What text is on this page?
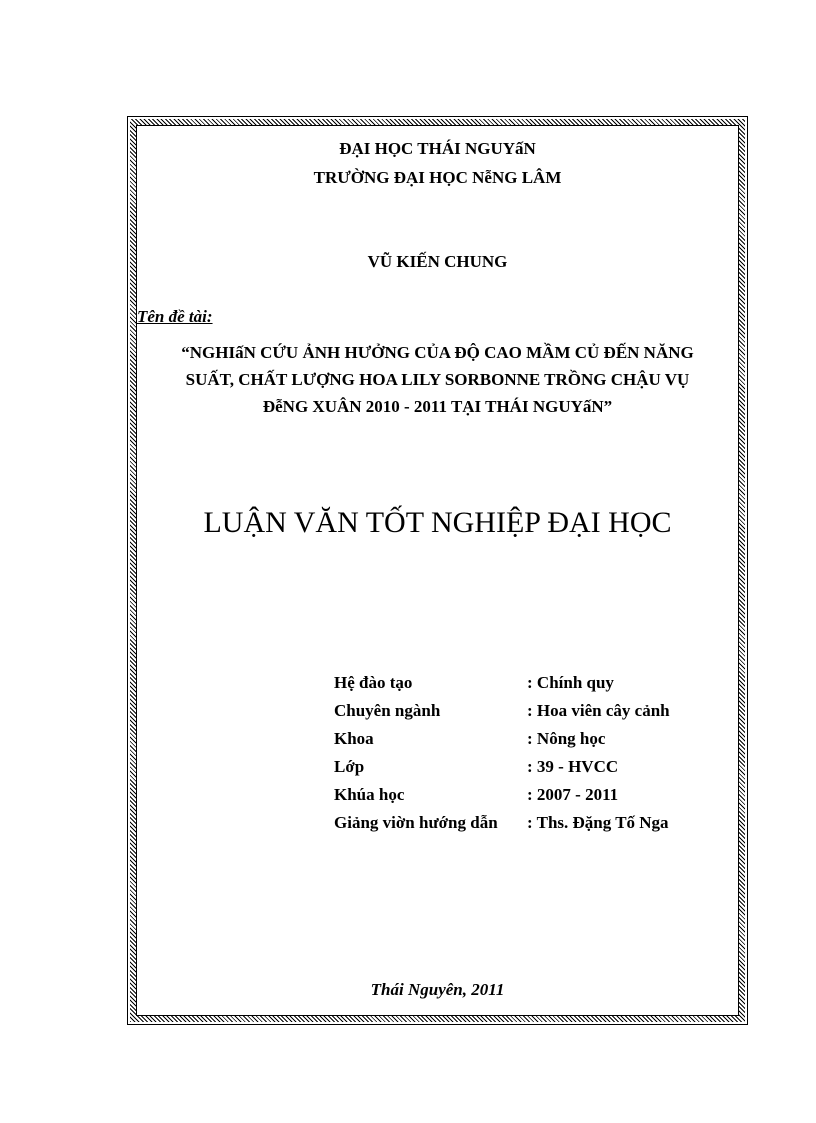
ĐẠI HỌC THÁI NGUYấN
TRƯỜNG ĐẠI HỌC NễNG LÂM
VŨ KIẾN CHUNG
Tên đề tài:
“NGHIấN CỨU ẢNH HƯỞNG CỦA ĐỘ CAO MẦM CỦ ĐẾN NĂNG
SUẤT, CHẤT LƯỢNG HOA LILY SORBONNE TRỒNG CHẬU VỤ
ĐễNG XUÂN 2010 - 2011 TẠI THÁI NGUYấN”
LUẬN VĂN TỐT NGHIỆP ĐẠI HỌC
Hệ đào tạo	: Chính quy
Chuyên ngành	: Hoa viên cây cảnh
Khoa	: Nông học
Lớp	: 39 - HVCC
Khúa học	: 2007 - 2011
Giảng viờn hướng dẫn : Ths. Đặng Tố Nga
Thái Nguyên, 2011
